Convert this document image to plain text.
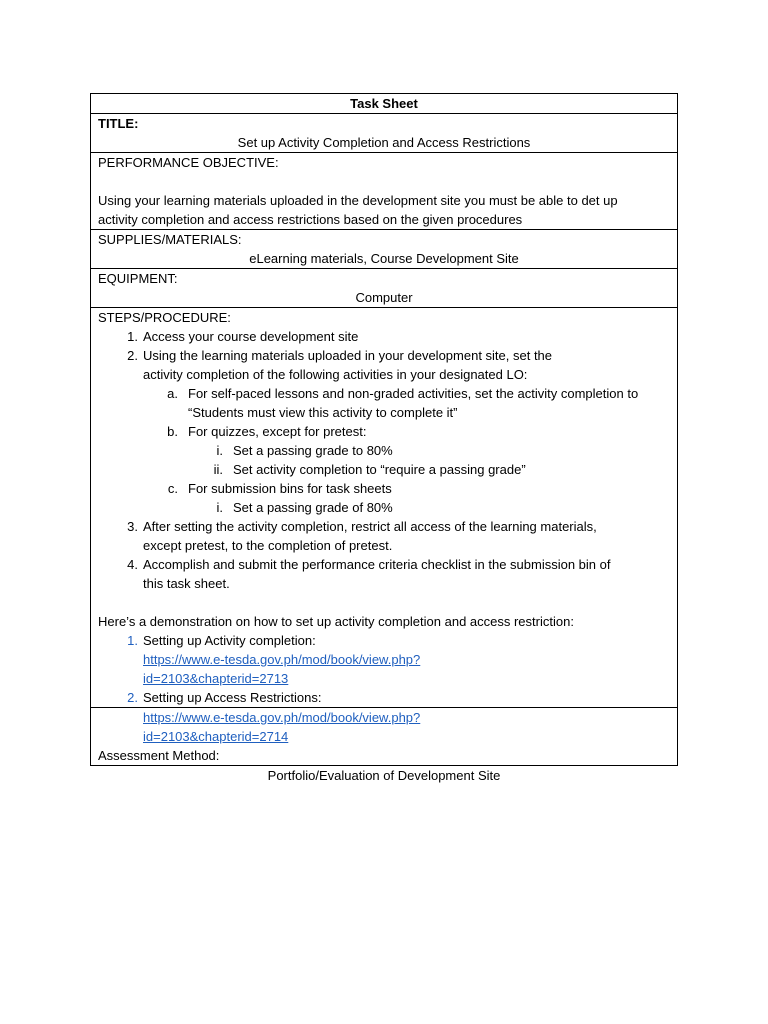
Task Sheet
TITLE:
Set up Activity Completion and Access Restrictions
PERFORMANCE OBJECTIVE:
Using your learning materials uploaded in the development site you must be able to det up
activity completion and access restrictions based on the given procedures
SUPPLIES/MATERIALS:
eLearning materials, Course Development Site
EQUIPMENT:
Computer
STEPS/PROCEDURE:
1. Access your course development site
2. Using the learning materials uploaded in your development site, set the
activity completion of the following activities in your designated LO:
a. For self-paced lessons and non-graded activities, set the activity completion to
“Students must view this activity to complete it”
b. For quizzes, except for pretest:
i. Set a passing grade to 80%
ii. Set activity completion to “require a passing grade”
c. For submission bins for task sheets
i. Set a passing grade of 80%
3. After setting the activity completion, restrict all access of the learning materials,
except pretest, to the completion of pretest.
4. Accomplish and submit the performance criteria checklist in the submission bin of
this task sheet.
Here’s a demonstration on how to set up activity completion and access restriction:
1. Setting up Activity completion:
https://www.e-tesda.gov.ph/mod/book/view.php?
id=2103&chapterid=2713
2. Setting up Access Restrictions:
https://www.e-tesda.gov.ph/mod/book/view.php?
id=2103&chapterid=2714
Assessment Method:
Portfolio/Evaluation of Development Site
